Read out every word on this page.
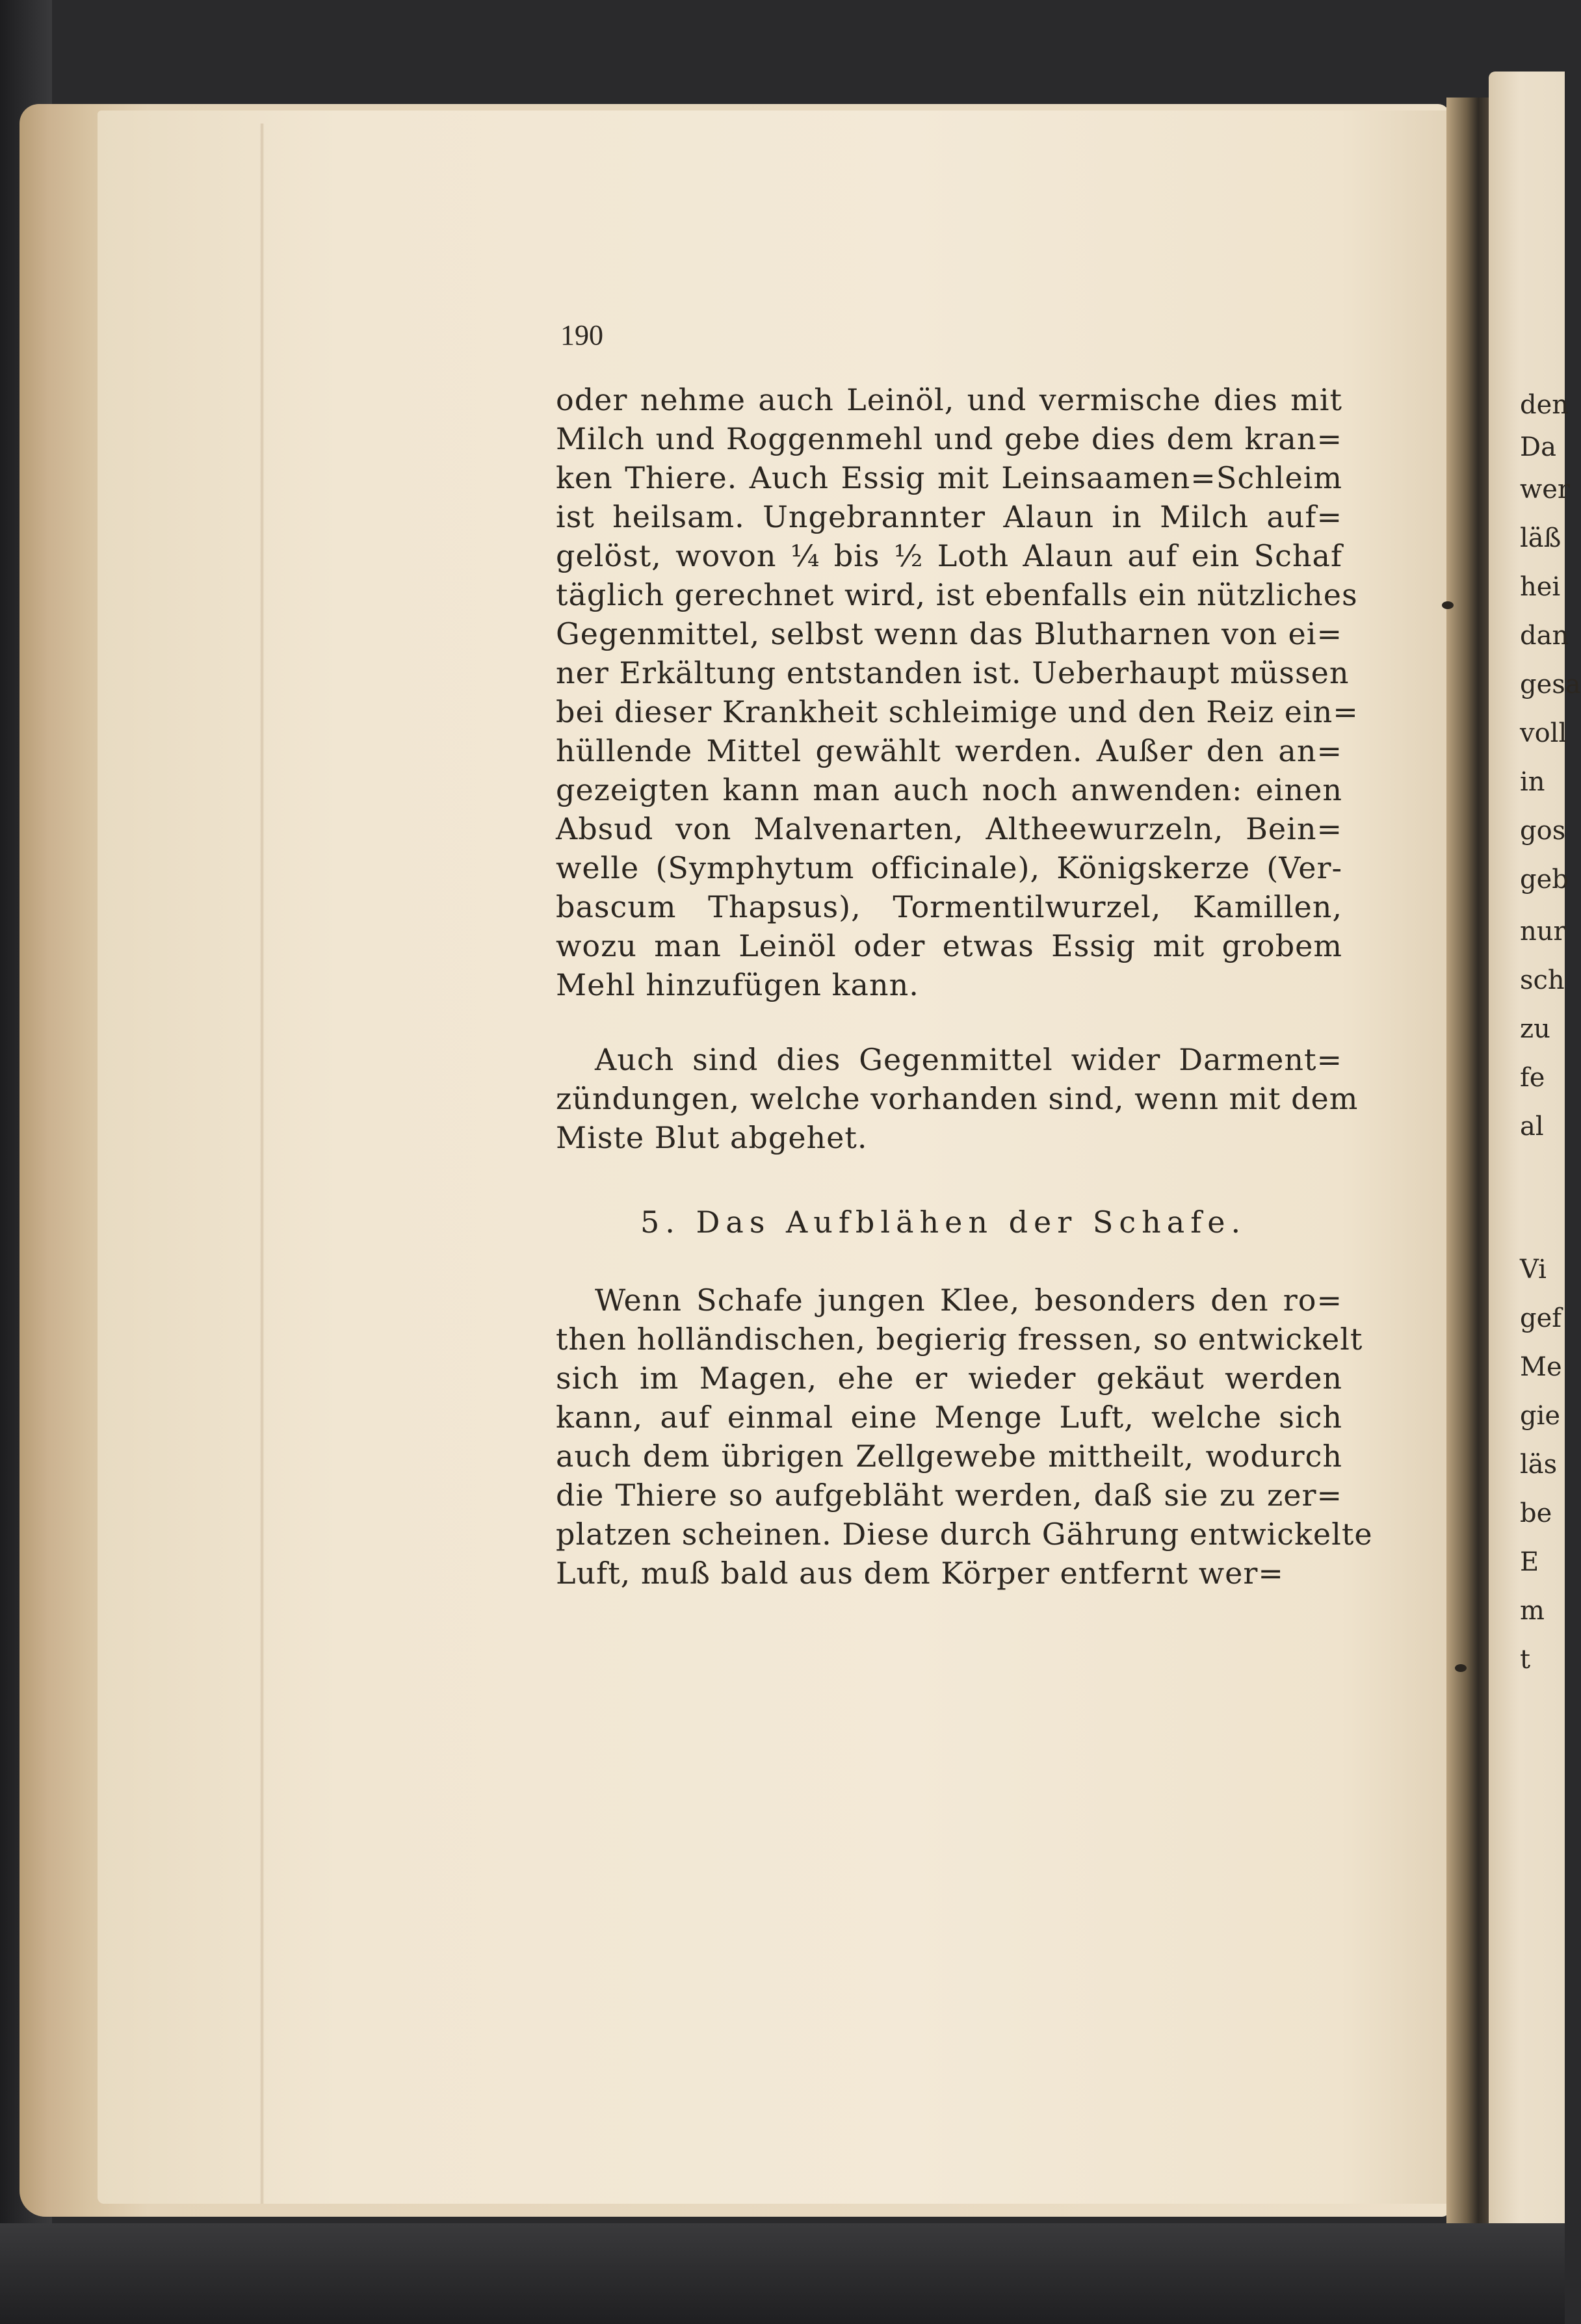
190
oder nehme auch Leinöl, und vermische dies mit
Milch und Roggenmehl und gebe dies dem kran=
ken Thiere. Auch Essig mit Leinsaamen=Schleim
ist heilsam. Ungebrannter Alaun in Milch auf=
gelöst, wovon ¼ bis ½ Loth Alaun auf ein Schaf
täglich gerechnet wird, ist ebenfalls ein nützliches
Gegenmittel, selbst wenn das Blutharnen von ei=
ner Erkältung entstanden ist. Ueberhaupt müssen
bei dieser Krankheit schleimige und den Reiz ein=
hüllende Mittel gewählt werden. Außer den an=
gezeigten kann man auch noch anwenden: einen
Absud von Malvenarten, Altheewurzeln, Bein=
welle (Symphytum officinale), Königskerze (Ver-
bascum Thapsus), Tormentilwurzel, Kamillen,
wozu man Leinöl oder etwas Essig mit grobem
Mehl hinzufügen kann.
Auch sind dies Gegenmittel wider Darment=
zündungen, welche vorhanden sind, wenn mit dem
Miste Blut abgehet.
5. Das Aufblähen der Schafe.
Wenn Schafe jungen Klee, besonders den ro=
then holländischen, begierig fressen, so entwickelt
sich im Magen, ehe er wieder gekäut werden
kann, auf einmal eine Menge Luft, welche sich
auch dem übrigen Zellgewebe mittheilt, wodurch
die Thiere so aufgebläht werden, daß sie zu zer=
platzen scheinen. Diese durch Gährung entwickelte
Luft, muß bald aus dem Körper entfernt wer=
den
Da
wer
läß
hei
dan
gesa
voll
in
gos
geb
nur
sch
zu
fe
al
Vi
gef
Me
gie
läs
be
E
m
t
